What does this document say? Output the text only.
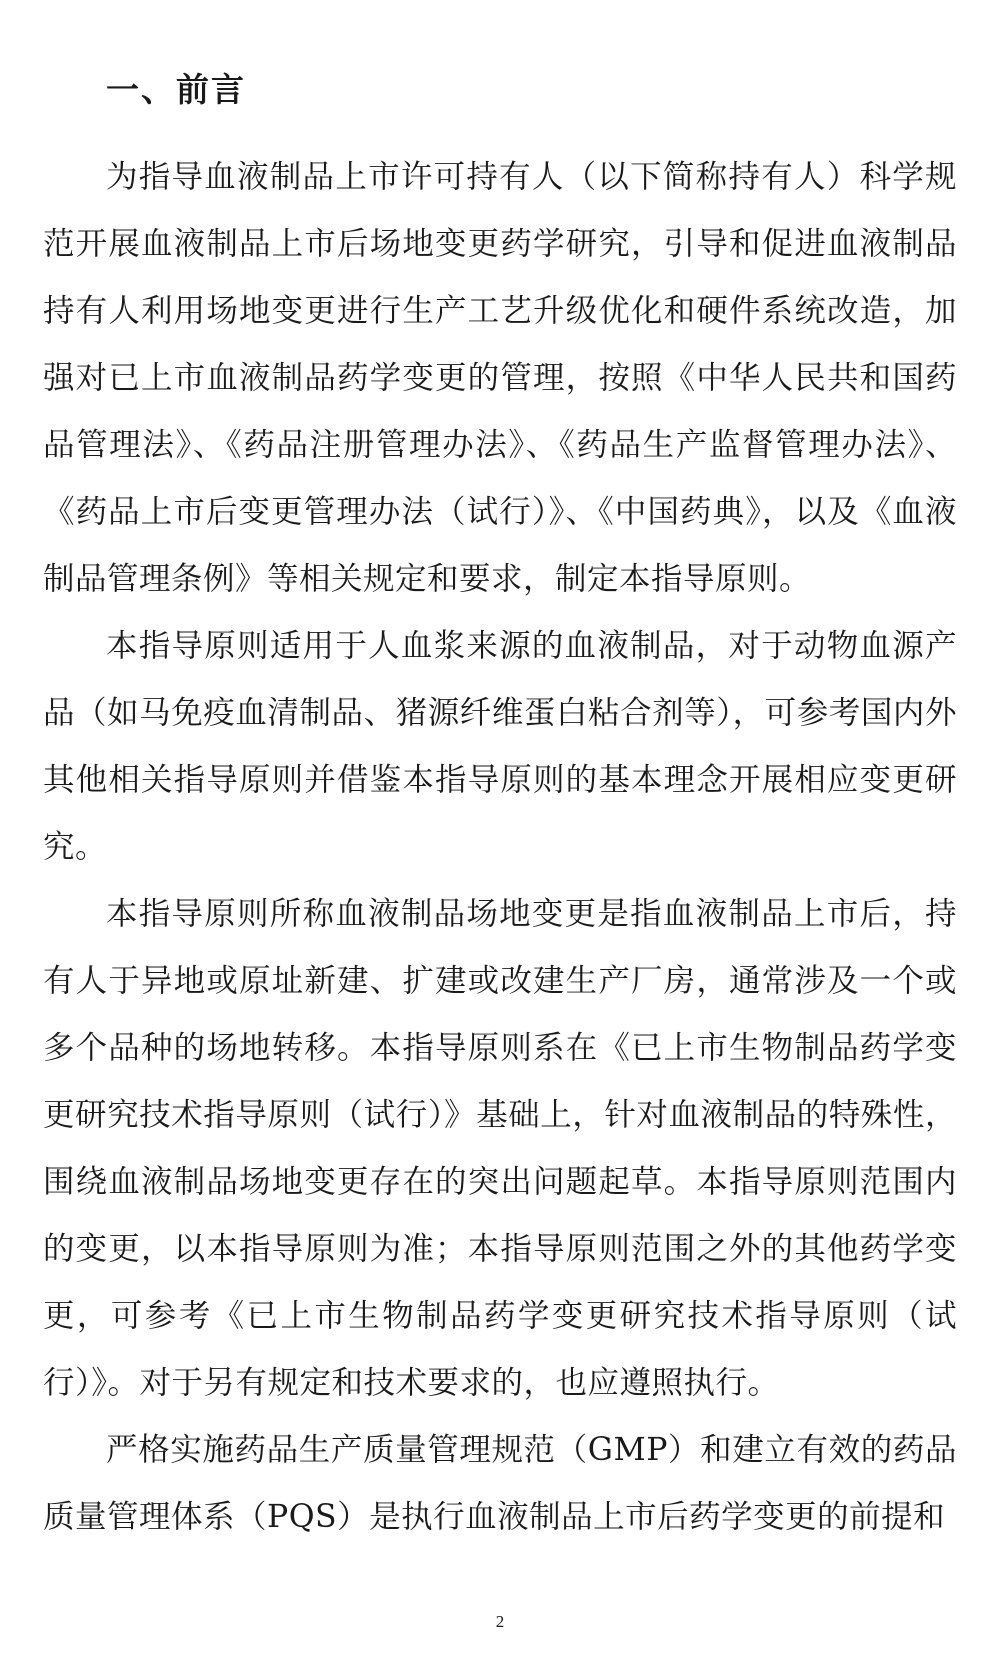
一、前言

为指导血液制品上市许可持有人（以下简称持有人）科学规范开展血液制品上市后场地变更药学研究，引导和促进血液制品持有人利用场地变更进行生产工艺升级优化和硬件系统改造，加强对已上市血液制品药学变更的管理，按照《中华人民共和国药品管理法》、《药品注册管理办法》、《药品生产监督管理办法》、《药品上市后变更管理办法（试行）》、《中国药典》，以及《血液制品管理条例》等相关规定和要求，制定本指导原则。

本指导原则适用于人血浆来源的血液制品，对于动物血源产品（如马免疫血清制品、猪源纤维蛋白粘合剂等），可参考国内外其他相关指导原则并借鉴本指导原则的基本理念开展相应变更研究。

本指导原则所称血液制品场地变更是指血液制品上市后，持有人于异地或原址新建、扩建或改建生产厂房，通常涉及一个或多个品种的场地转移。本指导原则系在《已上市生物制品药学变更研究技术指导原则（试行）》基础上，针对血液制品的特殊性，围绕血液制品场地变更存在的突出问题起草。本指导原则范围内的变更，以本指导原则为准；本指导原则范围之外的其他药学变更，可参考《已上市生物制品药学变更研究技术指导原则（试行）》。对于另有规定和技术要求的，也应遵照执行。

严格实施药品生产质量管理规范（GMP）和建立有效的药品质量管理体系（PQS）是执行血液制品上市后药学变更的前提和

2
